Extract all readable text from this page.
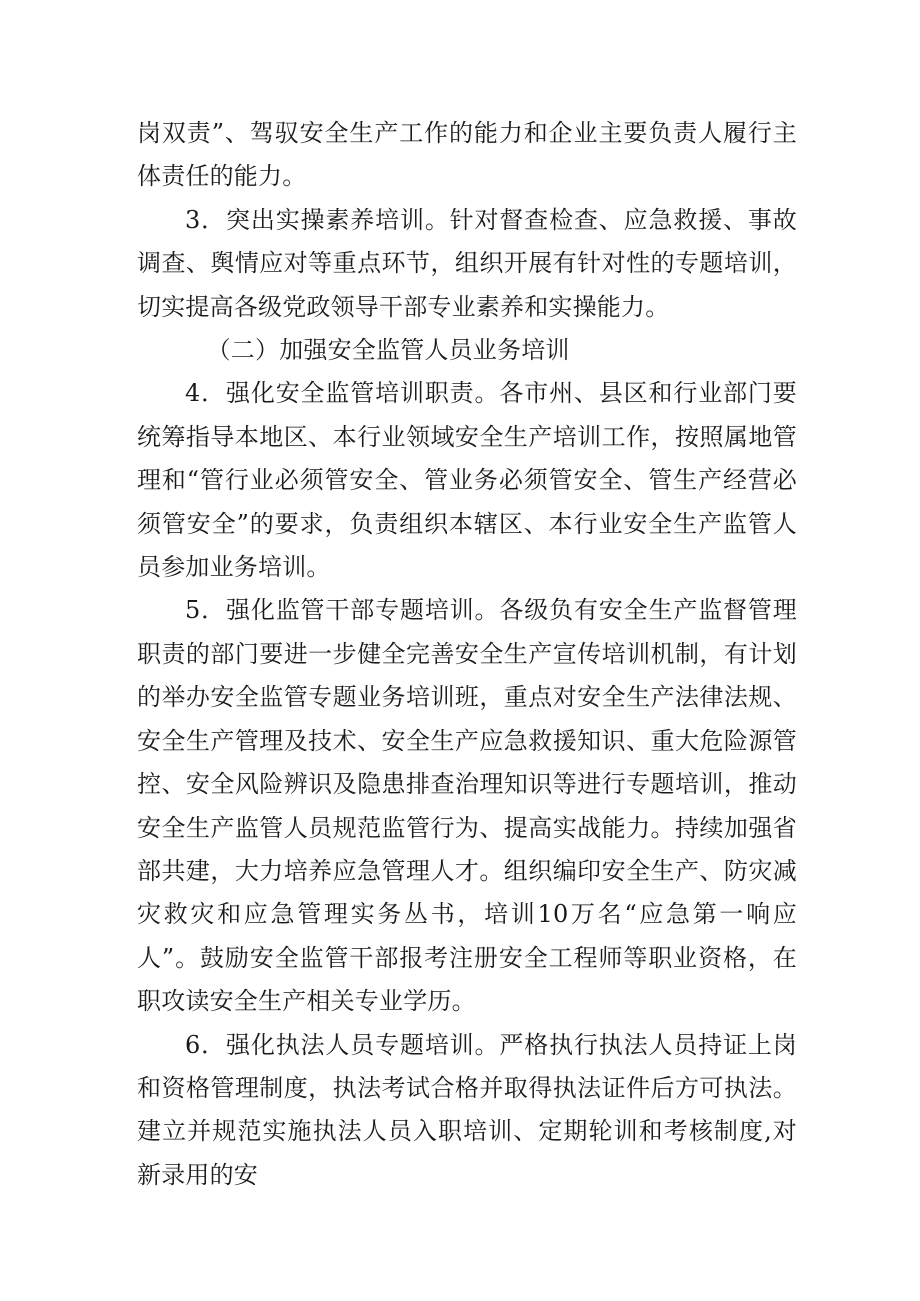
岗双责”、驾驭安全生产工作的能力和企业主要负责人履行主体责任的能力。

3．突出实操素养培训。针对督查检查、应急救援、事故调查、舆情应对等重点环节，组织开展有针对性的专题培训，切实提高各级党政领导干部专业素养和实操能力。

（二）加强安全监管人员业务培训

4．强化安全监管培训职责。各市州、县区和行业部门要统筹指导本地区、本行业领域安全生产培训工作，按照属地管理和“管行业必须管安全、管业务必须管安全、管生产经营必须管安全”的要求，负责组织本辖区、本行业安全生产监管人员参加业务培训。

5．强化监管干部专题培训。各级负有安全生产监督管理职责的部门要进一步健全完善安全生产宣传培训机制，有计划的举办安全监管专题业务培训班，重点对安全生产法律法规、安全生产管理及技术、安全生产应急救援知识、重大危险源管控、安全风险辨识及隐患排查治理知识等进行专题培训，推动安全生产监管人员规范监管行为、提高实战能力。持续加强省部共建，大力培养应急管理人才。组织编印安全生产、防灾减灾救灾和应急管理实务丛书，培训10万名“应急第一响应人”。鼓励安全监管干部报考注册安全工程师等职业资格，在职攻读安全生产相关专业学历。

6．强化执法人员专题培训。严格执行执法人员持证上岗和资格管理制度，执法考试合格并取得执法证件后方可执法。建立并规范实施执法人员入职培训、定期轮训和考核制度,对新录用的安
